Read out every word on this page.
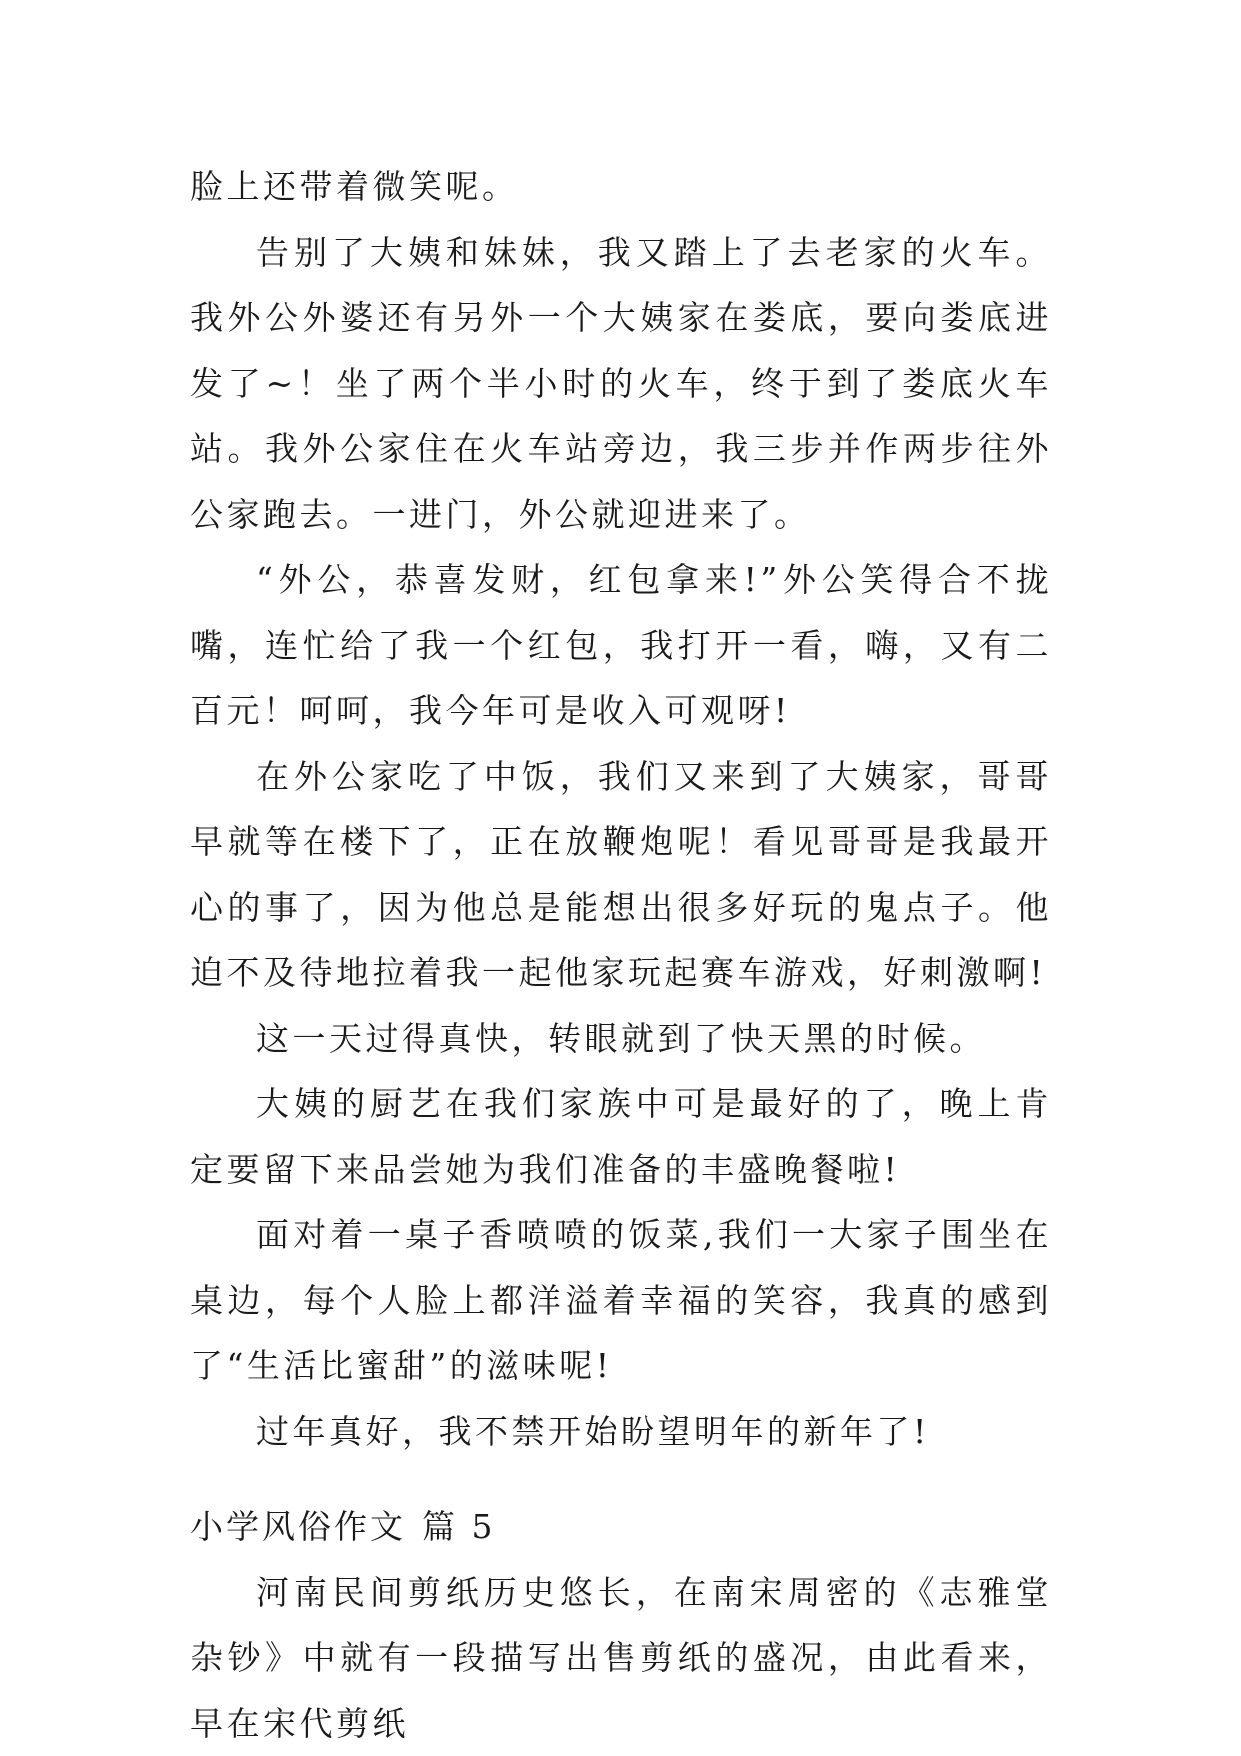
脸上还带着微笑呢。

告别了大姨和妹妹，我又踏上了去老家的火车。我外公外婆还有另外一个大姨家在娄底，要向娄底进发了~！坐了两个半小时的火车，终于到了娄底火车站。我外公家住在火车站旁边，我三步并作两步往外公家跑去。一进门，外公就迎进来了。

“外公，恭喜发财，红包拿来!”外公笑得合不拢嘴，连忙给了我一个红包，我打开一看，嗨，又有二百元！呵呵，我今年可是收入可观呀!

在外公家吃了中饭，我们又来到了大姨家，哥哥早就等在楼下了，正在放鞭炮呢！看见哥哥是我最开心的事了，因为他总是能想出很多好玩的鬼点子。他迫不及待地拉着我一起他家玩起赛车游戏，好刺激啊!

这一天过得真快，转眼就到了快天黑的时候。

大姨的厨艺在我们家族中可是最好的了，晚上肯定要留下来品尝她为我们准备的丰盛晚餐啦!

面对着一桌子香喷喷的饭菜,我们一大家子围坐在桌边，每个人脸上都洋溢着幸福的笑容，我真的感到了“生活比蜜甜”的滋味呢!

过年真好，我不禁开始盼望明年的新年了!

小学风俗作文 篇 5

河南民间剪纸历史悠长，在南宋周密的《志雅堂杂钞》中就有一段描写出售剪纸的盛况，由此看来，早在宋代剪纸
